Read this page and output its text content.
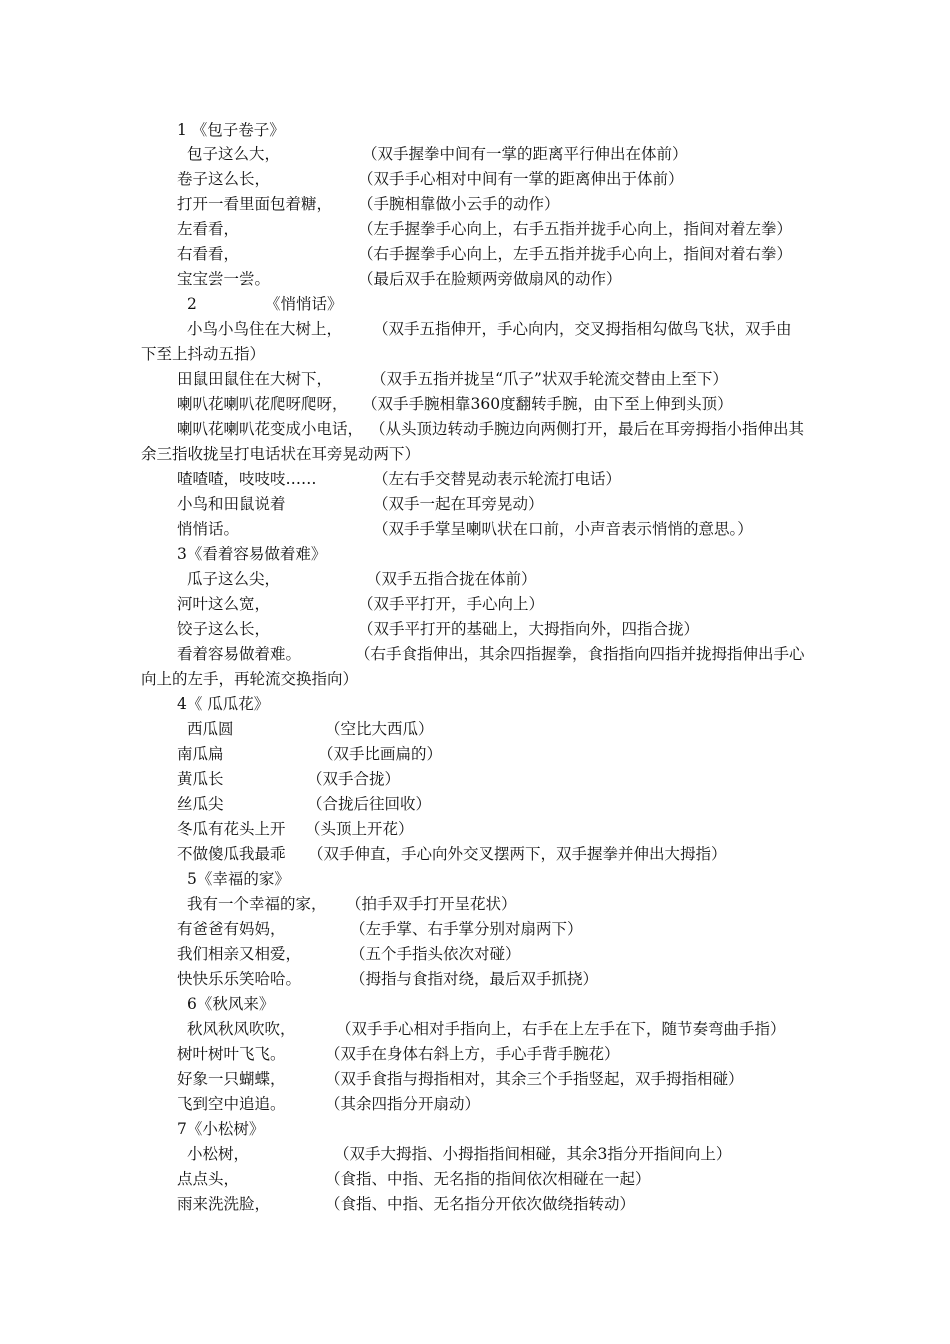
1 《包子卷子》
包子这么大，	（双手握拳中间有一掌的距离平行伸出在体前）
卷子这么长，	（双手手心相对中间有一掌的距离伸出于体前）
打开一看里面包着糖， （手腕相靠做小云手的动作）
左看看，	（左手握拳手心向上，右手五指并拢手心向上，指间对着左拳）
右看看，	（右手握拳手心向上，左手五指并拢手心向上，指间对着右拳）
宝宝尝一尝。	（最后双手在脸颊两旁做扇风的动作）
2	《悄悄话》
小鸟小鸟住在大树上， （双手五指伸开，手心向内，交叉拇指相勾做鸟飞状，双手由
下至上抖动五指）
田鼠田鼠住在大树下，	（双手五指并拢呈“爪子”状双手轮流交替由上至下）
喇叭花喇叭花爬呀爬呀， （双手手腕相靠360度翻转手腕，由下至上伸到头顶）
喇叭花喇叭花变成小电话， （从头顶边转动手腕边向两侧打开，最后在耳旁拇指小指伸出其
余三指收拢呈打电话状在耳旁晃动两下）
喳喳喳，吱吱吱……	（左右手交替晃动表示轮流打电话）
小鸟和田鼠说着	（双手一起在耳旁晃动）
悄悄话。	（双手手掌呈喇叭状在口前，小声音表示悄悄的意思。）
3《看着容易做着难》
瓜子这么尖，	（双手五指合拢在体前）
河叶这么宽，	（双手平打开，手心向上）
饺子这么长，	（双手平打开的基础上，大拇指向外，四指合拢）
看着容易做着难。	（右手食指伸出，其余四指握拳，食指指向四指并拢拇指伸出手心
向上的左手，再轮流交换指向）
4《 瓜瓜花》
西瓜圆	（空比大西瓜）
南瓜扁	（双手比画扁的）
黄瓜长	（双手合拢）
丝瓜尖	（合拢后往回收）
冬瓜有花头上开 （头顶上开花）
不做傻瓜我最乖 （双手伸直，手心向外交叉摆两下，双手握拳并伸出大拇指）
5《幸福的家》
我有一个幸福的家， （拍手双手打开呈花状）
有爸爸有妈妈，	（左手掌、右手掌分别对扇两下）
我们相亲又相爱，	（五个手指头依次对碰）
快快乐乐笑哈哈。	（拇指与食指对绕，最后双手抓挠）
6《秋风来》
秋风秋风吹吹，	（双手手心相对手指向上，右手在上左手在下，随节奏弯曲手指）
树叶树叶飞飞。	（双手在身体右斜上方，手心手背手腕花）
好象一只蝴蝶，	（双手食指与拇指相对，其余三个手指竖起，双手拇指相碰）
飞到空中追追。	（其余四指分开扇动）
7《小松树》
小松树，	（双手大拇指、小拇指指间相碰，其余3指分开指间向上）
点点头，	（食指、中指、无名指的指间依次相碰在一起）
雨来洗洗脸，	（食指、中指、无名指分开依次做绕指转动）
